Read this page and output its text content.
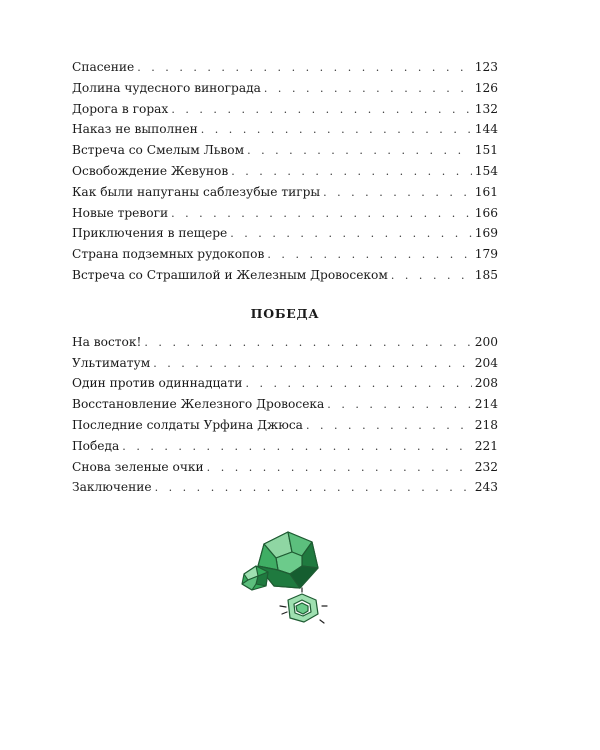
Спасение . . .	123
Долина чудесного винограда . . .	126
Дорога в горах . . .	132
Наказ не выполнен . . .	144
Встреча со Смелым Львом . . .	151
Освобождение Жевунов . . .	154
Как были напуганы саблезубые тигры . . .	161
Новые тревоги . . .	166
Приключения в пещере . . .	169
Страна подземных рудокопов . . .	179
Встреча со Страшилой и Железным Дровосеком . . .	185
ПОБЕДА
На восток! . . .	200
Ультиматум . . .	204
Один против одиннадцати . . .	208
Восстановление Железного Дровосека . . .	214
Последние солдаты Урфина Джюса . . .	218
Победа . . .	221
Снова зеленые очки . . .	232
Заключение . . .	243
